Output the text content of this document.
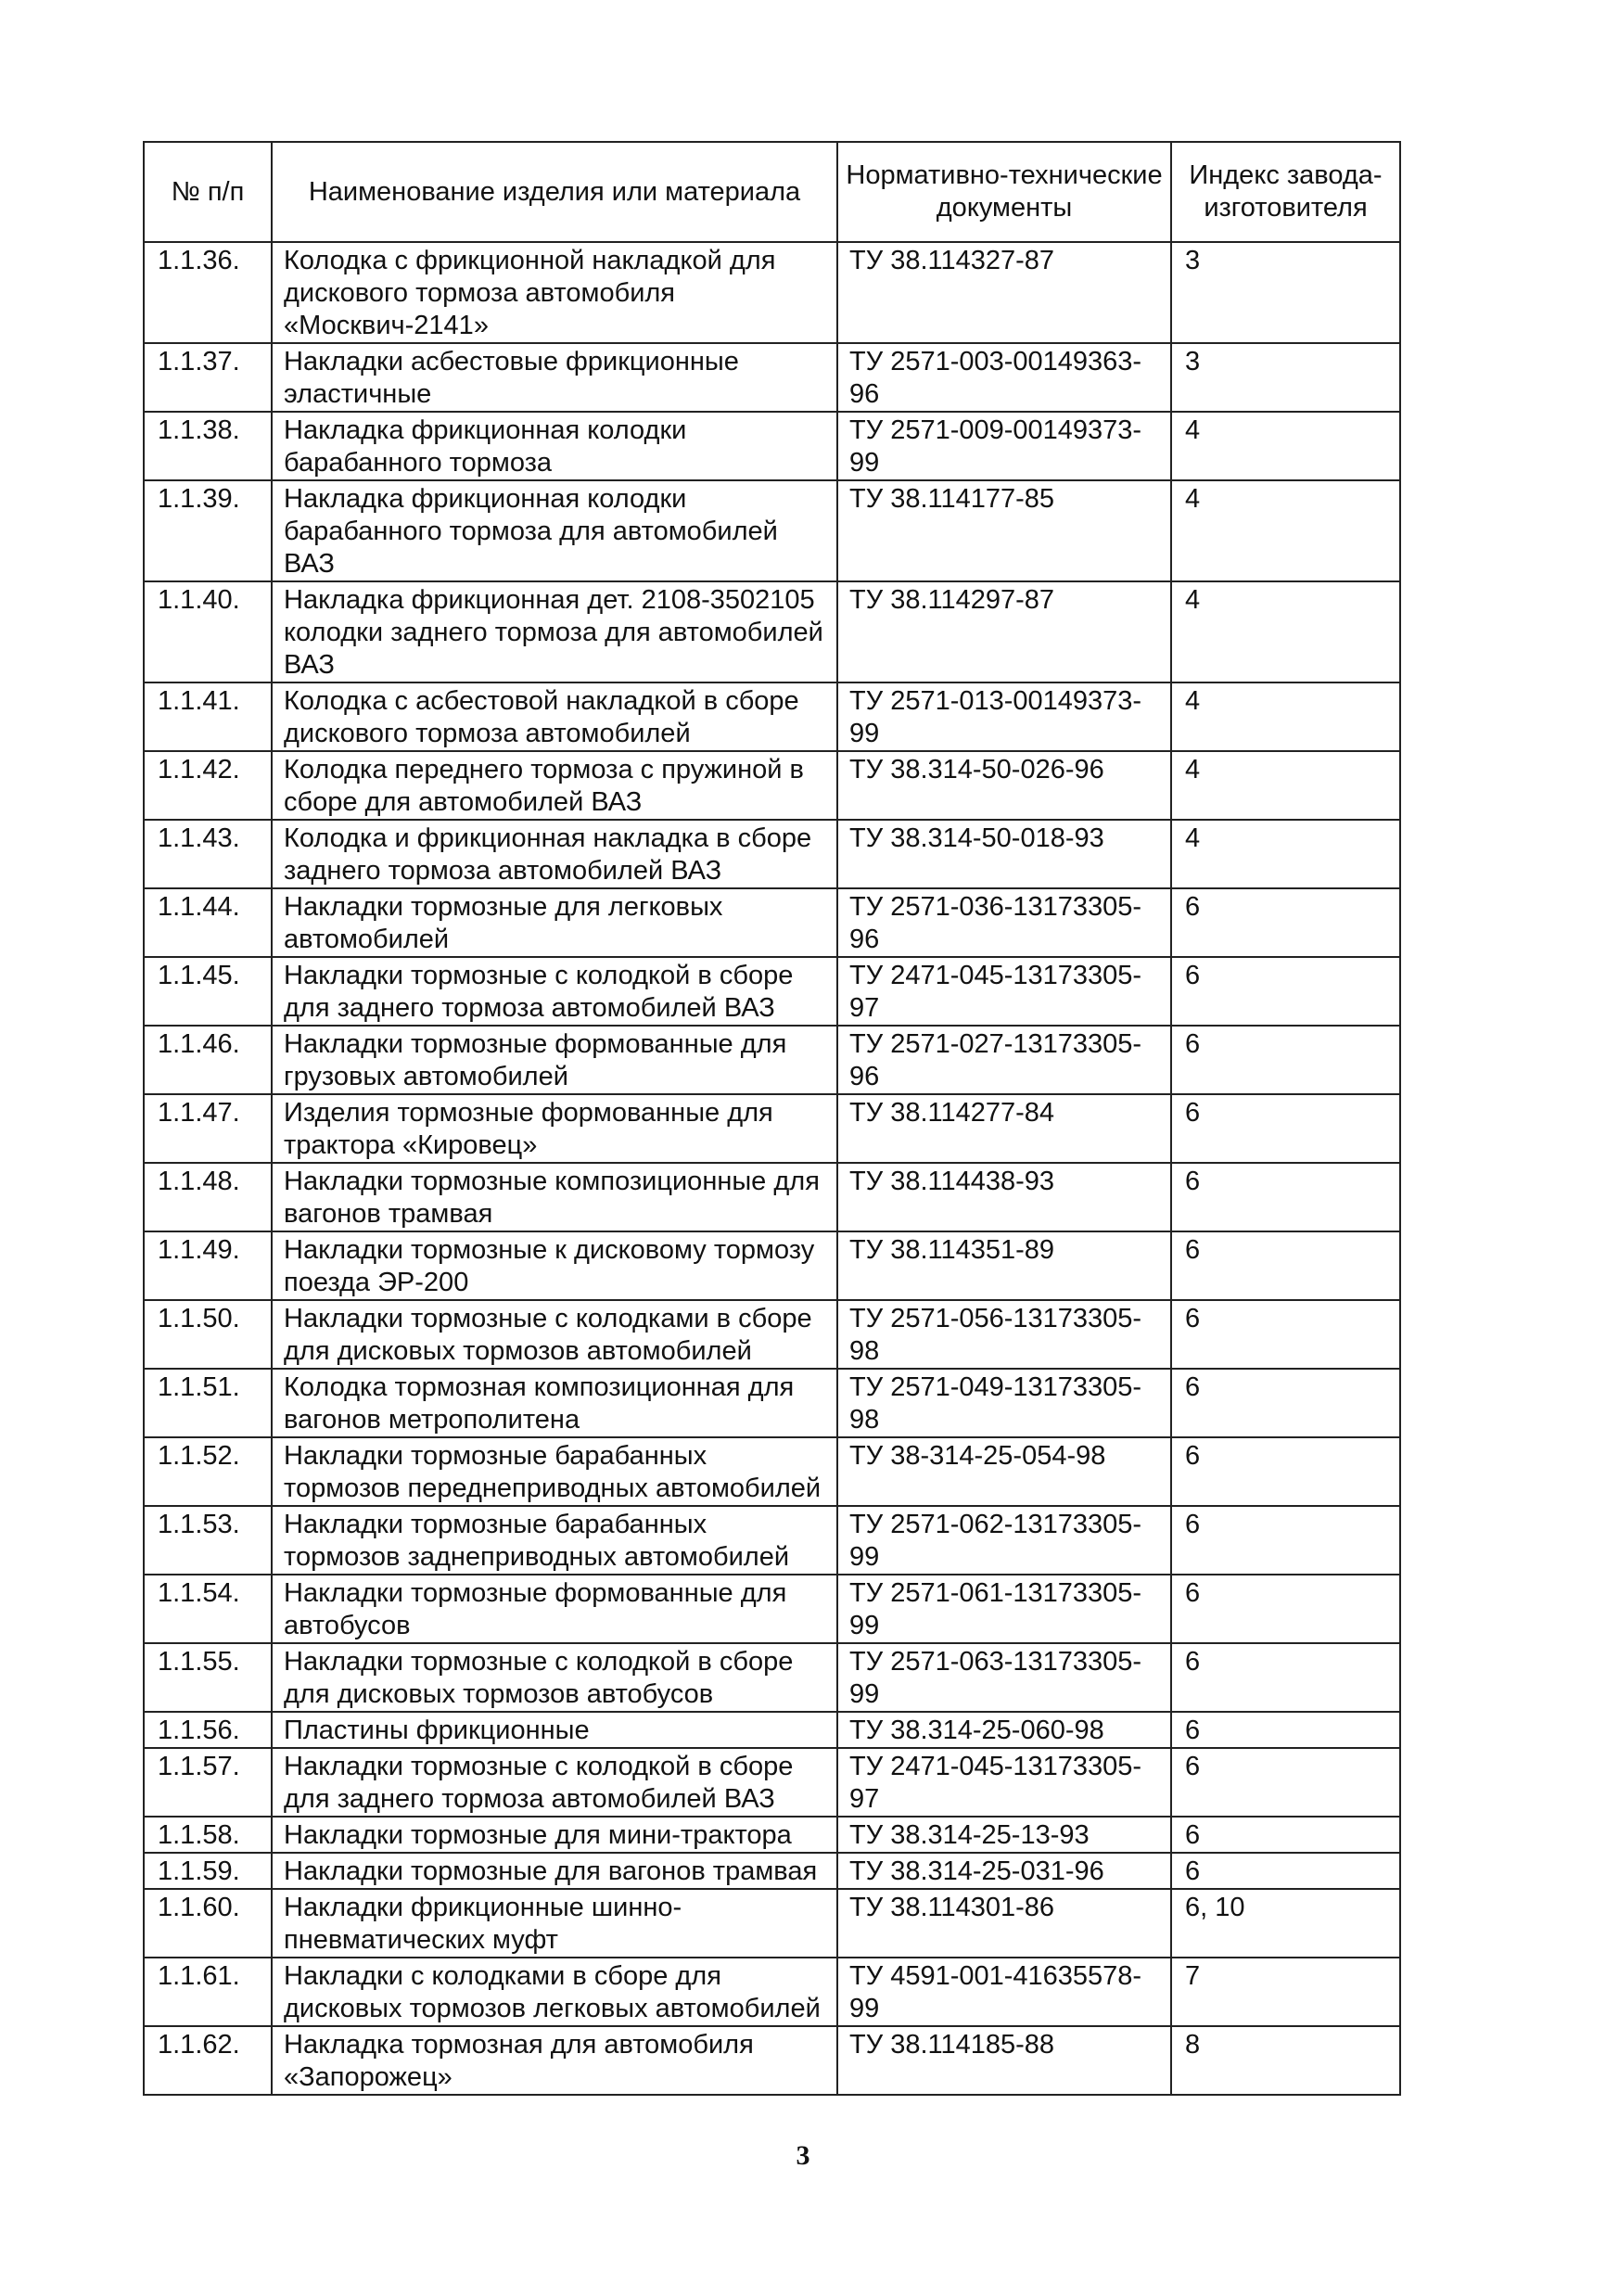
№ п/п	Наименование изделия или материала	Нормативно-технические документы	Индекс завода-изготовителя
1.1.36.	Колодка с фрикционной накладкой для дискового тормоза автомобиля «Москвич-2141»	ТУ 38.114327-87	3
1.1.37.	Накладки асбестовые фрикционные эластичные	ТУ 2571-003-00149363-96	3
1.1.38.	Накладка фрикционная колодки барабанного тормоза	ТУ 2571-009-00149373-99	4
1.1.39.	Накладка фрикционная колодки барабанного тормоза для автомобилей ВАЗ	ТУ 38.114177-85	4
1.1.40.	Накладка фрикционная дет. 2108-3502105 колодки заднего тормоза для автомобилей ВАЗ	ТУ 38.114297-87	4
1.1.41.	Колодка с асбестовой накладкой в сборе дискового тормоза автомобилей	ТУ 2571-013-00149373-99	4
1.1.42.	Колодка переднего тормоза с пружиной в сборе для автомобилей ВАЗ	ТУ 38.314-50-026-96	4
1.1.43.	Колодка и фрикционная накладка в сборе заднего тормоза автомобилей ВАЗ	ТУ 38.314-50-018-93	4
1.1.44.	Накладки тормозные для легковых автомобилей	ТУ 2571-036-13173305-96	6
1.1.45.	Накладки тормозные с колодкой в сборе для заднего тормоза автомобилей ВАЗ	ТУ 2471-045-13173305-97	6
1.1.46.	Накладки тормозные формованные для грузовых автомобилей	ТУ 2571-027-13173305-96	6
1.1.47.	Изделия тормозные формованные для трактора «Кировец»	ТУ 38.114277-84	6
1.1.48.	Накладки тормозные композиционные для вагонов трамвая	ТУ 38.114438-93	6
1.1.49.	Накладки тормозные к дисковому тормозу поезда ЭР-200	ТУ 38.114351-89	6
1.1.50.	Накладки тормозные с колодками в сборе для дисковых тормозов автомобилей	ТУ 2571-056-13173305-98	6
1.1.51.	Колодка тормозная композиционная для вагонов метрополитена	ТУ 2571-049-13173305-98	6
1.1.52.	Накладки тормозные барабанных тормозов переднеприводных автомобилей	ТУ 38-314-25-054-98	6
1.1.53.	Накладки тормозные барабанных тормозов заднеприводных автомобилей	ТУ 2571-062-13173305-99	6
1.1.54.	Накладки тормозные формованные для автобусов	ТУ 2571-061-13173305-99	6
1.1.55.	Накладки тормозные с колодкой в сборе для дисковых тормозов автобусов	ТУ 2571-063-13173305-99	6
1.1.56.	Пластины фрикционные	ТУ 38.314-25-060-98	6
1.1.57.	Накладки тормозные с колодкой в сборе для заднего тормоза автомобилей ВАЗ	ТУ 2471-045-13173305-97	6
1.1.58.	Накладки тормозные для мини-трактора	ТУ 38.314-25-13-93	6
1.1.59.	Накладки тормозные для вагонов трамвая	ТУ 38.314-25-031-96	6
1.1.60.	Накладки фрикционные шинно-пневматических муфт	ТУ 38.114301-86	6, 10
1.1.61.	Накладки с колодками в сборе для дисковых тормозов легковых автомобилей	ТУ 4591-001-41635578-99	7
1.1.62.	Накладка тормозная для автомобиля «Запорожец»	ТУ 38.114185-88	8
3
